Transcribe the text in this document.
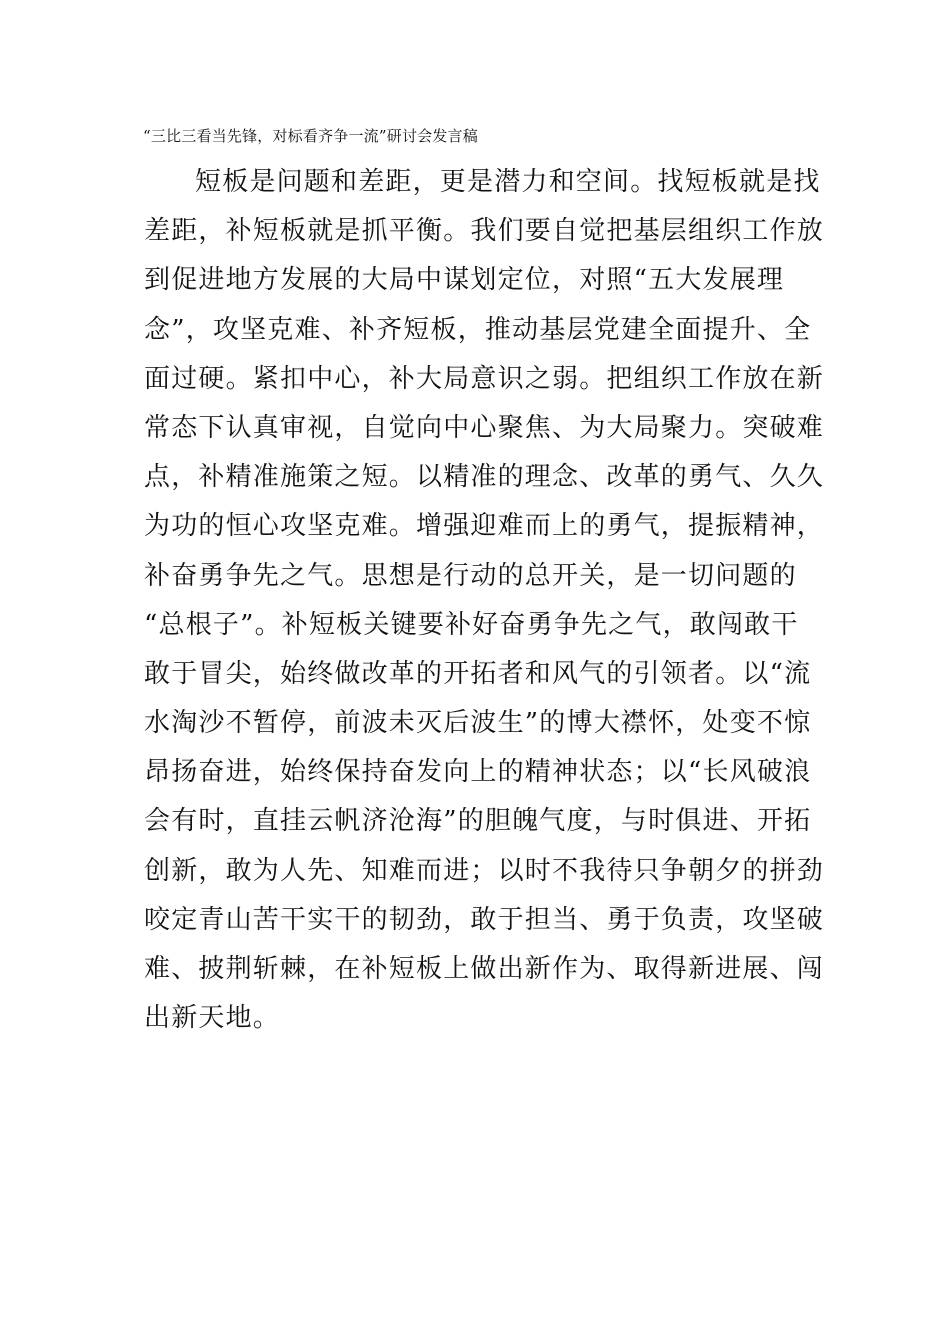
“三比三看当先锋，对标看齐争一流”研讨会发言稿
短板是问题和差距，更是潜力和空间。找短板就是找
差距，补短板就是抓平衡。我们要自觉把基层组织工作放
到促进地方发展的大局中谋划定位，对照“五大发展理
念”，攻坚克难、补齐短板，推动基层党建全面提升、全
面过硬。紧扣中心，补大局意识之弱。把组织工作放在新
常态下认真审视，自觉向中心聚焦、为大局聚力。突破难
点，补精准施策之短。以精准的理念、改革的勇气、久久
为功的恒心攻坚克难。增强迎难而上的勇气，提振精神，
补奋勇争先之气。思想是行动的总开关，是一切问题的
“总根子”。补短板关键要补好奋勇争先之气，敢闯敢干
敢于冒尖，始终做改革的开拓者和风气的引领者。以“流
水淘沙不暂停，前波未灭后波生”的博大襟怀，处变不惊
昂扬奋进，始终保持奋发向上的精神状态；以“长风破浪
会有时，直挂云帆济沧海”的胆魄气度，与时俱进、开拓
创新，敢为人先、知难而进；以时不我待只争朝夕的拼劲
咬定青山苦干实干的韧劲，敢于担当、勇于负责，攻坚破
难、披荆斩棘，在补短板上做出新作为、取得新进展、闯
出新天地。
